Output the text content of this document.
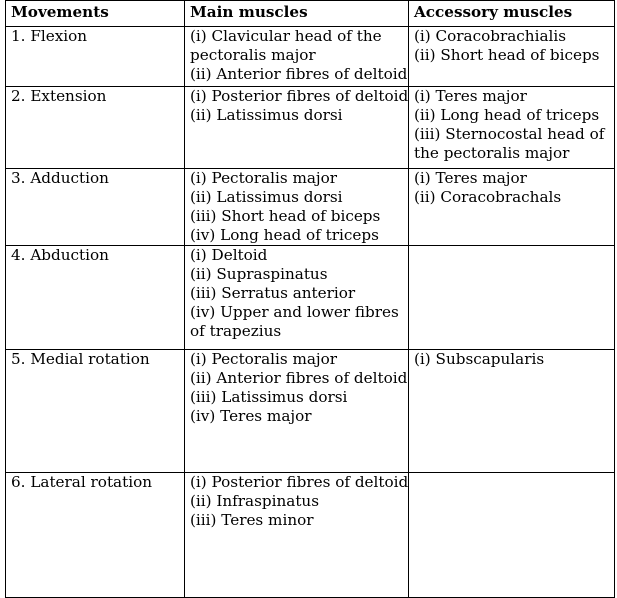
Movements	Main muscles	Accessory muscles
1. Flexion	(i) Clavicular head of the
pectoralis major
(ii) Anterior fibres of deltoid	(i) Coracobrachialis
(ii) Short head of biceps

2. Extension	(i) Posterior fibres of deltoid
(ii) Latissimus dorsi	(i) Teres major
(ii) Long head of triceps
(iii) Sternocostal head of
the pectoralis major

3. Adduction	(i) Pectoralis major
(ii) Latissimus dorsi
(iii) Short head of biceps
(iv) Long head of triceps	(i) Teres major
(ii) Coracobrachals

4. Abduction	(i) Deltoid
(ii) Supraspinatus
(iii) Serratus anterior
(iv) Upper and lower fibres
of trapezius	

5. Medial rotation	(i) Pectoralis major
(ii) Anterior fibres of deltoid
(iii) Latissimus dorsi
(iv) Teres major	(i) Subscapularis

6. Lateral rotation	(i) Posterior fibres of deltoid
(ii) Infraspinatus
(iii) Teres minor	
